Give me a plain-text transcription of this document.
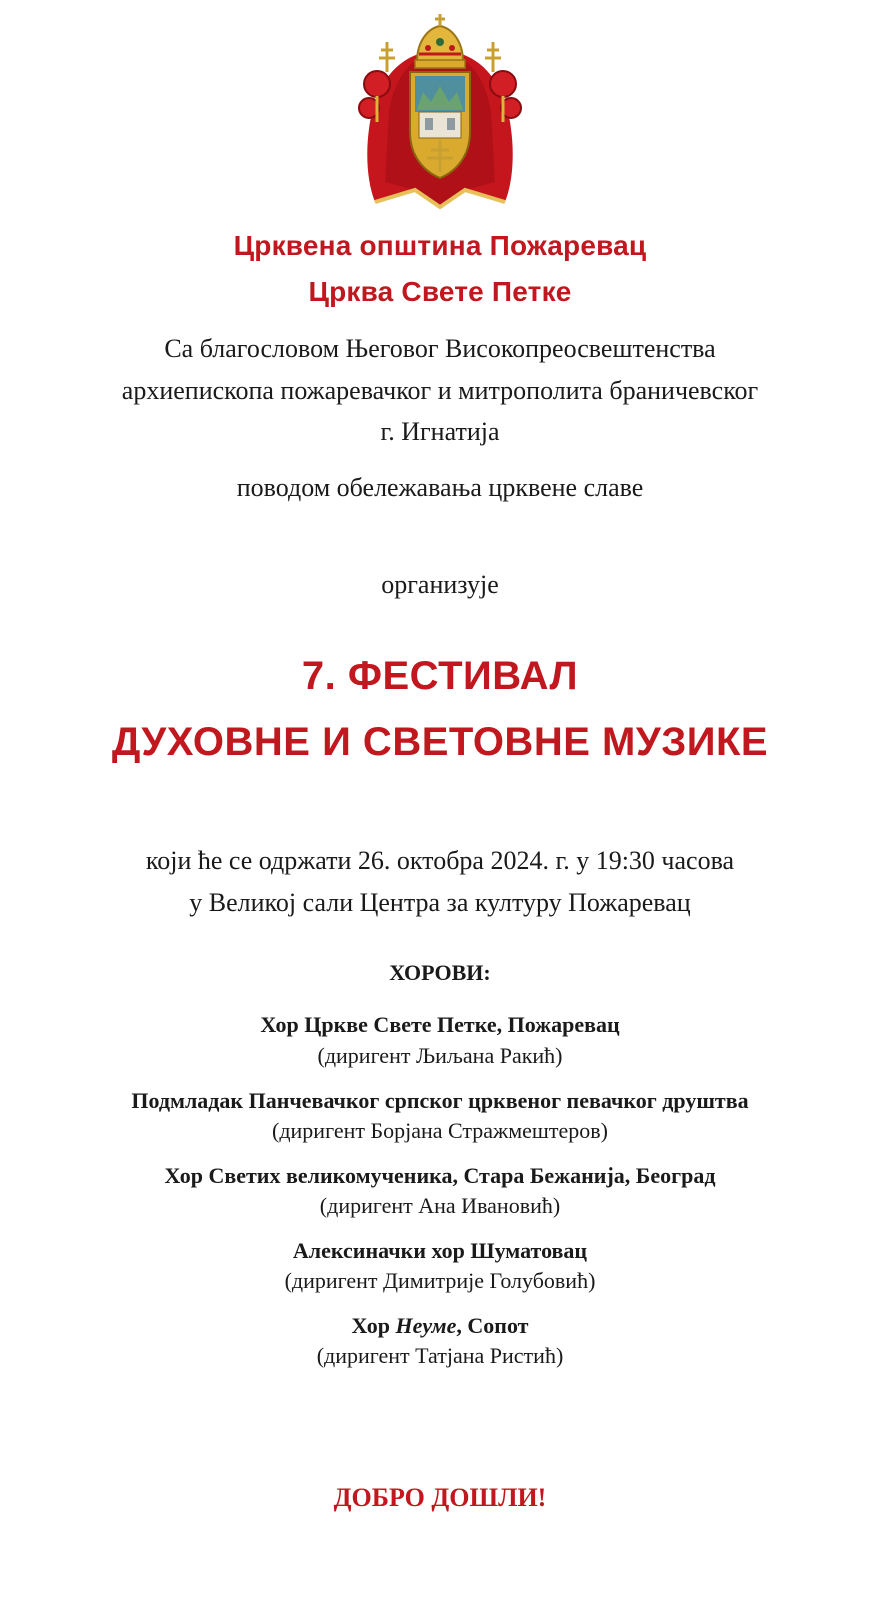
Црквена општина Пожаревац
Црква Свете Петке
Са благословом Његовог Високопреосвештенства
архиепископа пожаревачког и митрополита браничевског
г. Игнатија
поводом обележавања црквене славе
организује
7. ФЕСТИВАЛ
ДУХОВНЕ И СВЕТОВНЕ МУЗИКЕ
који ће се одржати 26. октобра 2024. г. у 19:30 часова
у Великој сали Центра за културу Пожаревац
ХОРОВИ:
Хор Цркве Свете Петке, Пожаревац
(диригент Љиљана Ракић)
Подмладак Панчевачког српског црквеног певачког друштва
(диригент Борјана Стражмештеров)
Хор Светих великомученика, Стара Бежанија, Београд
(диригент Ана Ивановић)
Алексиначки хор Шуматовац
(диригент Димитрије Голубовић)
Хор Неуме, Сопот
(диригент Татјана Ристић)
ДОБРО ДОШЛИ!
